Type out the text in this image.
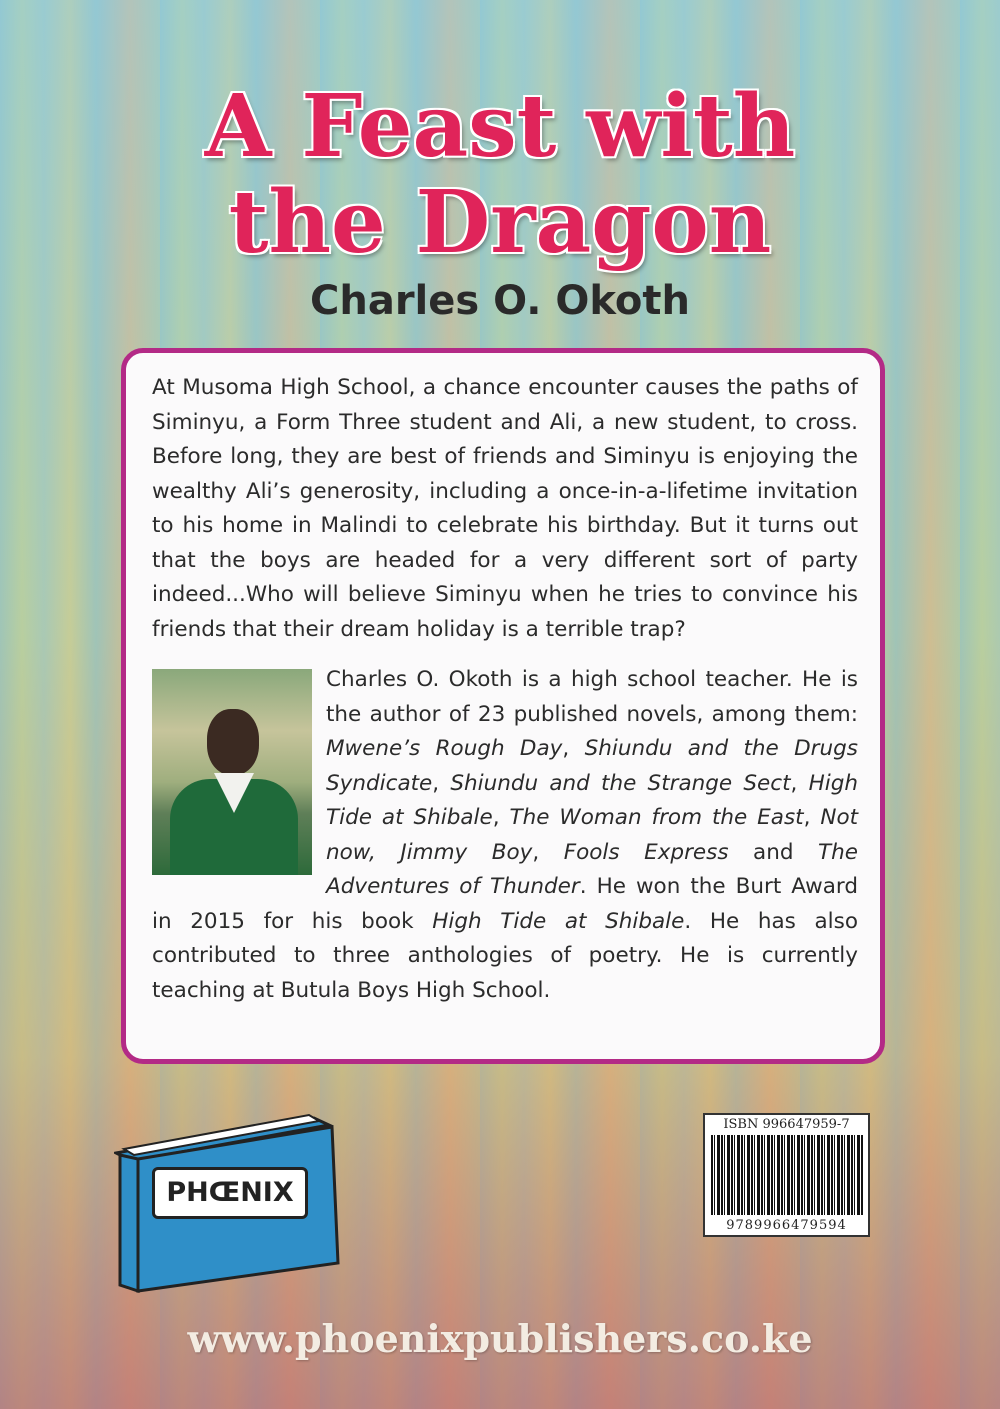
A Feast with
the Dragon
Charles O. Okoth

At Musoma High School, a chance encounter causes the paths of Siminyu, a Form Three student and Ali, a new student, to cross. Before long, they are best of friends and Siminyu is enjoying the wealthy Ali’s generosity, including a once-in-a-lifetime invitation to his home in Malindi to celebrate his birthday. But it turns out that the boys are headed for a very different sort of party indeed...Who will believe Siminyu when he tries to convince his friends that their dream holiday is a terrible trap?

Charles O. Okoth is a high school teacher. He is the author of 23 published novels, among them: Mwene’s Rough Day, Shiundu and the Drugs Syndicate, Shiundu and the Strange Sect, High Tide at Shibale, The Woman from the East, Not now, Jimmy Boy, Fools Express and The Adventures of Thunder. He won the Burt Award in 2015 for his book High Tide at Shibale. He has also contributed to three anthologies of poetry. He is currently teaching at Butula Boys High School.
PHŒNIX
ISBN 996647959-7
9789966479594
www.phoenixpublishers.co.ke
